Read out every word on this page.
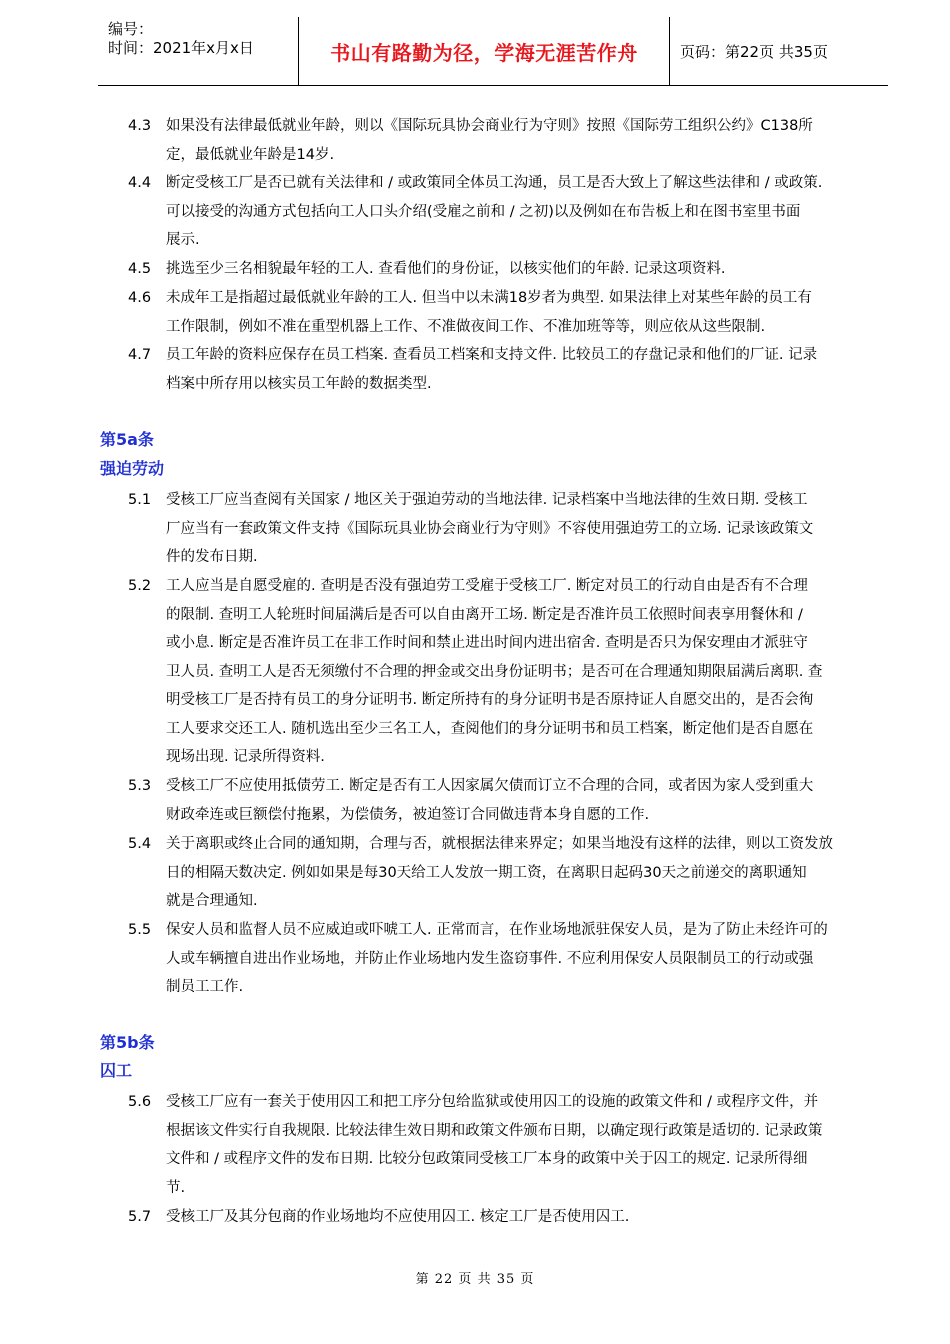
编号：
时间：2021年x月x日	书山有路勤为径，学海无涯苦作舟	页码：第22页 共35页
4.3	如果没有法律最低就业年龄，则以《国际玩具协会商业行为守则》按照《国际劳工组织公约》C138所
定，最低就业年龄是14岁.
4.4	断定受核工厂是否已就有关法律和 / 或政策同全体员工沟通，员工是否大致上了解这些法律和 / 或政策.
可以接受的沟通方式包括向工人口头介绍(受雇之前和 / 之初)以及例如在布告板上和在图书室里书面
展示.
4.5	挑选至少三名相貌最年轻的工人. 查看他们的身份证，以核实他们的年龄. 记录这项资料.
4.6	未成年工是指超过最低就业年龄的工人. 但当中以未满18岁者为典型. 如果法律上对某些年龄的员工有
工作限制，例如不准在重型机器上工作、不准做夜间工作、不准加班等等，则应依从这些限制.
4.7	员工年龄的资料应保存在员工档案. 查看员工档案和支持文件. 比较员工的存盘记录和他们的厂证. 记录
档案中所存用以核实员工年龄的数据类型.
第5a条
强迫劳动
5.1	受核工厂应当查阅有关国家 / 地区关于强迫劳动的当地法律. 记录档案中当地法律的生效日期. 受核工
厂应当有一套政策文件支持《国际玩具业协会商业行为守则》不容使用强迫劳工的立场. 记录该政策文
件的发布日期.
5.2	工人应当是自愿受雇的. 查明是否没有强迫劳工受雇于受核工厂. 断定对员工的行动自由是否有不合理
的限制. 查明工人轮班时间届满后是否可以自由离开工场. 断定是否准许员工依照时间表享用餐休和 /
或小息. 断定是否准许员工在非工作时间和禁止进出时间内进出宿舍. 查明是否只为保安理由才派驻守
卫人员. 查明工人是否无须缴付不合理的押金或交出身份证明书；是否可在合理通知期限届满后离职. 查
明受核工厂是否持有员工的身分证明书. 断定所持有的身分证明书是否原持证人自愿交出的，是否会徇
工人要求交还工人. 随机选出至少三名工人，查阅他们的身分证明书和员工档案，断定他们是否自愿在
现场出现. 记录所得资料.
5.3	受核工厂不应使用抵债劳工. 断定是否有工人因家属欠债而订立不合理的合同，或者因为家人受到重大
财政牵连或巨额偿付拖累，为偿债务，被迫签订合同做违背本身自愿的工作.
5.4	关于离职或终止合同的通知期，合理与否，就根据法律来界定；如果当地没有这样的法律，则以工资发放
日的相隔天数决定. 例如如果是每30天给工人发放一期工资，在离职日起码30天之前递交的离职通知
就是合理通知.
5.5	保安人员和监督人员不应威迫或吓唬工人. 正常而言，在作业场地派驻保安人员，是为了防止未经许可的
人或车辆擅自进出作业场地，并防止作业场地内发生盗窃事件. 不应利用保安人员限制员工的行动或强
制员工工作.
第5b条
囚工
5.6	受核工厂应有一套关于使用囚工和把工序分包给监狱或使用囚工的设施的政策文件和 / 或程序文件，并
根据该文件实行自我规限. 比较法律生效日期和政策文件颁布日期，以确定现行政策是适切的. 记录政策
文件和 / 或程序文件的发布日期. 比较分包政策同受核工厂本身的政策中关于囚工的规定. 记录所得细
节.
5.7	受核工厂及其分包商的作业场地均不应使用囚工. 核定工厂是否使用囚工.
第 22 页 共 35 页
